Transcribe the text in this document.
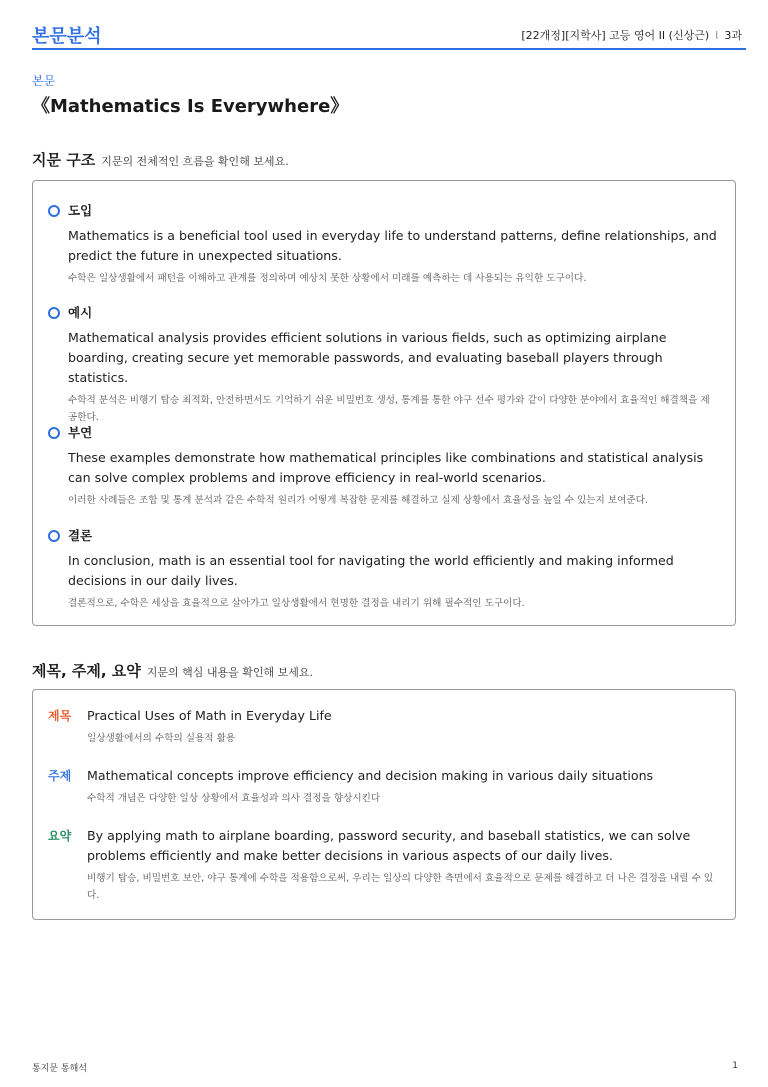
본문분석	[22개정][지학사] 고등 영어 II (신상근) I 3과
본문
《Mathematics Is Everywhere》
지문 구조 지문의 전체적인 흐름을 확인해 보세요.
도입
Mathematics is a beneficial tool used in everyday life to understand patterns, define relationships, and predict the future in unexpected situations.
수학은 일상생활에서 패턴을 이해하고 관계를 정의하며 예상치 못한 상황에서 미래를 예측하는 데 사용되는 유익한 도구이다.
예시
Mathematical analysis provides efficient solutions in various fields, such as optimizing airplane boarding, creating secure yet memorable passwords, and evaluating baseball players through statistics.
수학적 분석은 비행기 탑승 최적화, 안전하면서도 기억하기 쉬운 비밀번호 생성, 통계를 통한 야구 선수 평가와 같이 다양한 분야에서 효율적인 해결책을 제공한다.
부연
These examples demonstrate how mathematical principles like combinations and statistical analysis can solve complex problems and improve efficiency in real-world scenarios.
이러한 사례들은 조합 및 통계 분석과 같은 수학적 원리가 어떻게 복잡한 문제를 해결하고 실제 상황에서 효율성을 높일 수 있는지 보여준다.
결론
In conclusion, math is an essential tool for navigating the world efficiently and making informed decisions in our daily lives.
결론적으로, 수학은 세상을 효율적으로 살아가고 일상생활에서 현명한 결정을 내리기 위해 필수적인 도구이다.
제목, 주제, 요약 지문의 핵심 내용을 확인해 보세요.
제목 Practical Uses of Math in Everyday Life
일상생활에서의 수학의 실용적 활용
주제 Mathematical concepts improve efficiency and decision making in various daily situations
수학적 개념은 다양한 일상 상황에서 효율성과 의사 결정을 향상시킨다
요약 By applying math to airplane boarding, password security, and baseball statistics, we can solve problems efficiently and make better decisions in various aspects of our daily lives.
비행기 탑승, 비밀번호 보안, 야구 통계에 수학을 적용함으로써, 우리는 일상의 다양한 측면에서 효율적으로 문제를 해결하고 더 나은 결정을 내릴 수 있다.
통지문 통해석	1
